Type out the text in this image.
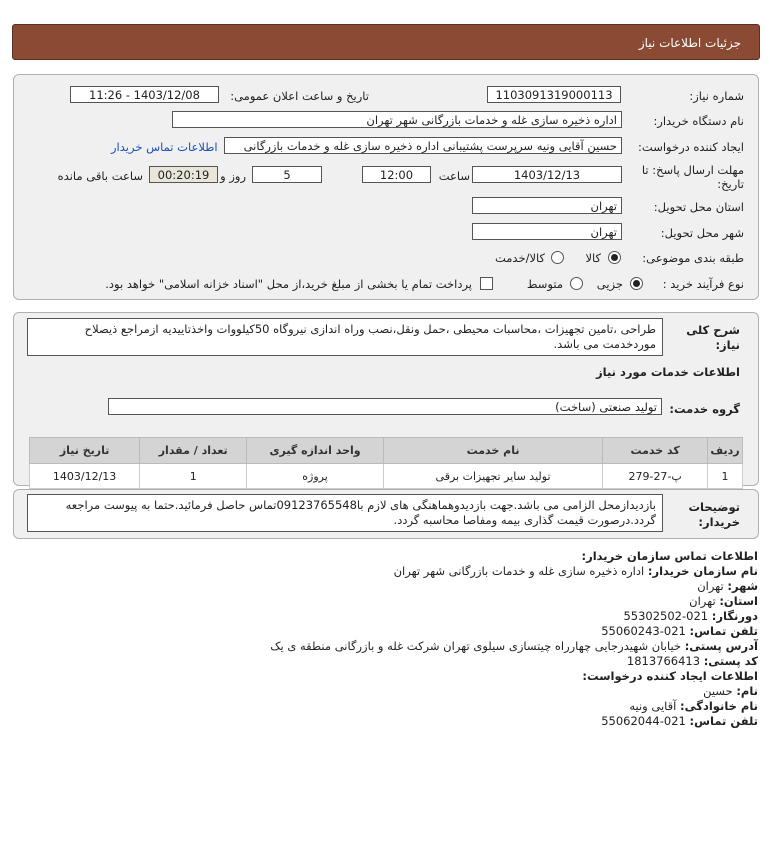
جزئیات اطلاعات نیاز
شماره نیاز:
1103091319000113
تاریخ و ساعت اعلان عمومی:
1403/12/08 - 11:26
نام دستگاه خریدار:
اداره ذخیره سازی غله و خدمات بازرگانی شهر تهران
ایجاد کننده درخواست:
حسین آقایی ونیه سرپرست پشتیبانی اداره ذخیره سازی غله و خدمات بازرگانی
اطلاعات تماس خریدار
مهلت ارسال پاسخ: تا
تاریخ:
1403/12/13
ساعت
12:00
5
روز و
00:20:19
ساعت باقی مانده
استان محل تحویل:
تهران
شهر محل تحویل:
تهران
طبقه بندی موضوعی:
کالا
کالا/خدمت
نوع فرآیند خرید :
جزیی
متوسط
پرداخت تمام یا بخشی از مبلغ خرید،از محل "اسناد خزانه اسلامی" خواهد بود.
شرح کلی
نیاز:
طراحی ،تامین تجهیزات ،محاسبات محیطی ،حمل ونقل،نصب وراه اندازی نیروگاه 50کیلووات واخذتاییدیه ازمراجع ذیصلاح موردخدمت می باشد.
اطلاعات خدمات مورد نیاز
گروه خدمت:
تولید صنعتی (ساخت)
ردیف	کد خدمت	نام خدمت	واحد اندازه گیری	تعداد / مقدار	تاریخ نیاز
1	پ-27-279	تولید سایر تجهیزات برقی	پروژه	1	1403/12/13
توضیحات
خریدار:
بازدیدازمحل الزامی می باشد.جهت بازدیدوهماهنگی های لازم با09123765548تماس حاصل فرمائید.حتما به پیوست مراجعه گردد.درصورت قیمت گذاری بیمه ومفاصا محاسبه گردد.
اطلاعات تماس سازمان خریدار:
نام سازمان خریدار: اداره ذخیره سازی غله و خدمات بازرگانی شهر تهران
شهر: تهران
استان: تهران
دورنگار: 021-55302502
تلفن تماس: 021-55060243
آدرس پستی: خیابان شهیدرجایی چهارراه چیتسازی سیلوی تهران شرکت غله و بازرگانی منطقه ی یک
کد پستی: 1813766413
اطلاعات ایجاد کننده درخواست:
نام: حسین
نام خانوادگی: آقایی ونیه
تلفن تماس: 021-55062044
